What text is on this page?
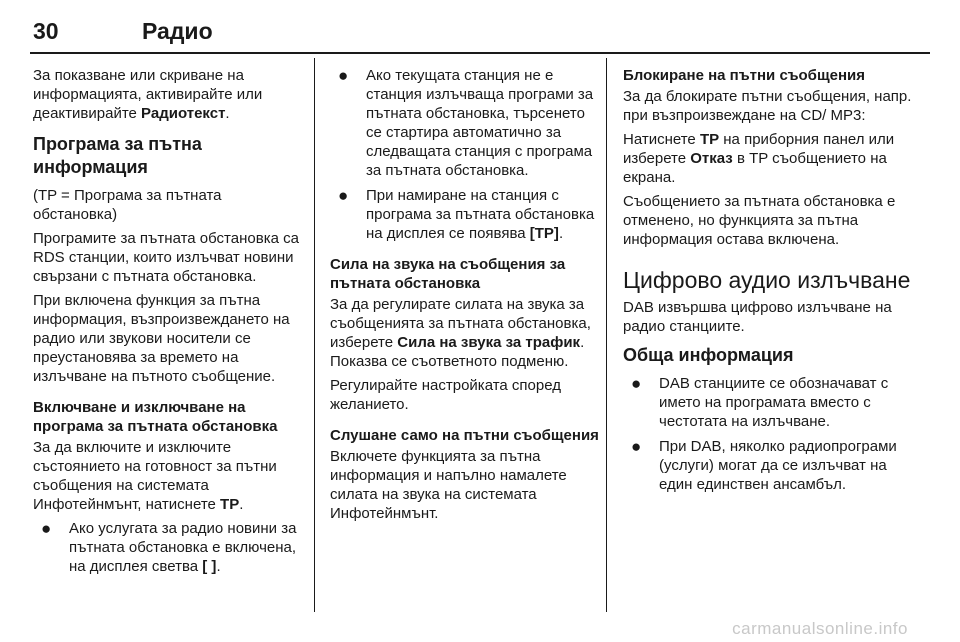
30	Радио

За показване или скриване на информацията, активирайте или деактивирайте Радиотекст.

Програма за пътна информация

(TP = Програма за пътната обстановка)

Програмите за пътната обстановка са RDS станции, които излъчват новини свързани с пътната обстановка.

При включена функция за пътна информация, възпроизвеждането на радио или звукови носители се преустановява за времето на излъчване на пътното съобщение.

Включване и изключване на програма за пътната обстановка

За да включите и изключите състоянието на готовност за пътни съобщения на системата Инфотейнмънт, натиснете TP.

●	Ако услугата за радио новини за пътната обстановка е включена, на дисплея светва [ ].
●	Ако текущата станция не е станция излъчваща програми за пътната обстановка, търсенето се стартира автоматично за следващата станция с програма за пътната обстановка.
●	При намиране на станция с програма за пътната обстановка на дисплея се появява [TP].
Сила на звука на съобщения за пътната обстановка

За да регулирате силата на звука за съобщенията за пътната обстановка, изберете Сила на звука за трафик. Показва се съответното подменю.

Регулирайте настройката според желанието.

Слушане само на пътни съобщения

Включете функцията за пътна информация и напълно намалете силата на звука на системата Инфотейнмънт.

Блокиране на пътни съобщения

За да блокирате пътни съобщения, напр. при възпроизвеждане на CD/ MP3:

Натиснете TP на приборния панел или изберете Отказ в TP съобщението на екрана.

Съобщението за пътната обстановка е отменено, но функцията за пътна информация остава включена.

Цифрово аудио излъчване

DAB извършва цифрово излъчване на радио станциите.

Обща информация
●	DAB станциите се обозначават с името на програмата вместо с честотата на излъчване.
●	При DAB, няколко радиопрограми (услуги) могат да се излъчват на един единствен ансамбъл.
carmanualsonline.info
